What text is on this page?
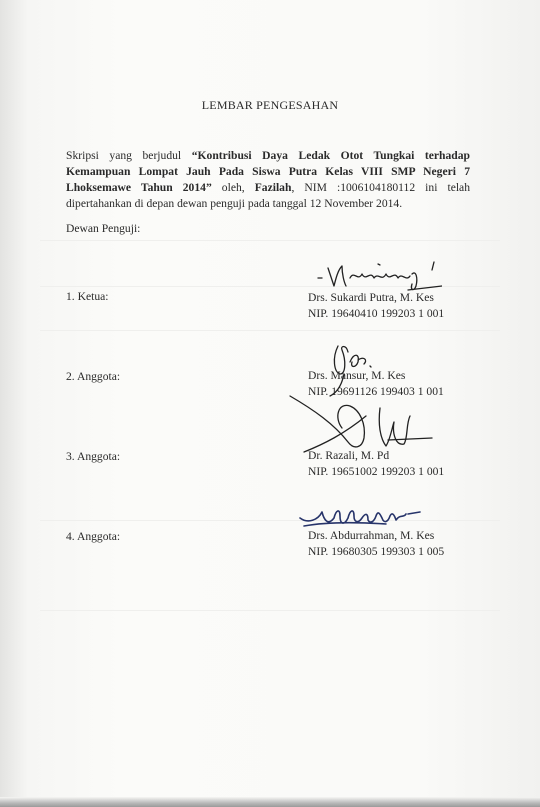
LEMBAR PENGESAHAN
Skripsi yang berjudul “Kontribusi Daya Ledak Otot Tungkai terhadap Kemampuan Lompat Jauh Pada Siswa Putra Kelas VIII SMP Negeri 7 Lhoksemawe Tahun 2014” oleh, Fazilah, NIM :1006104180112 ini telah dipertahankan di depan dewan penguji pada tanggal 12 November 2014.
Dewan Penguji:
1. Ketua:	Drs. Sukardi Putra, M. Kes
NIP. 19640410 199203 1 001
2. Anggota:	Drs. Mansur, M. Kes
NIP. 19691126 199403 1 001
3. Anggota:	Dr. Razali, M. Pd
NIP. 19651002 199203 1 001
4. Anggota:	Drs. Abdurrahman, M. Kes
NIP. 19680305 199303 1 005
